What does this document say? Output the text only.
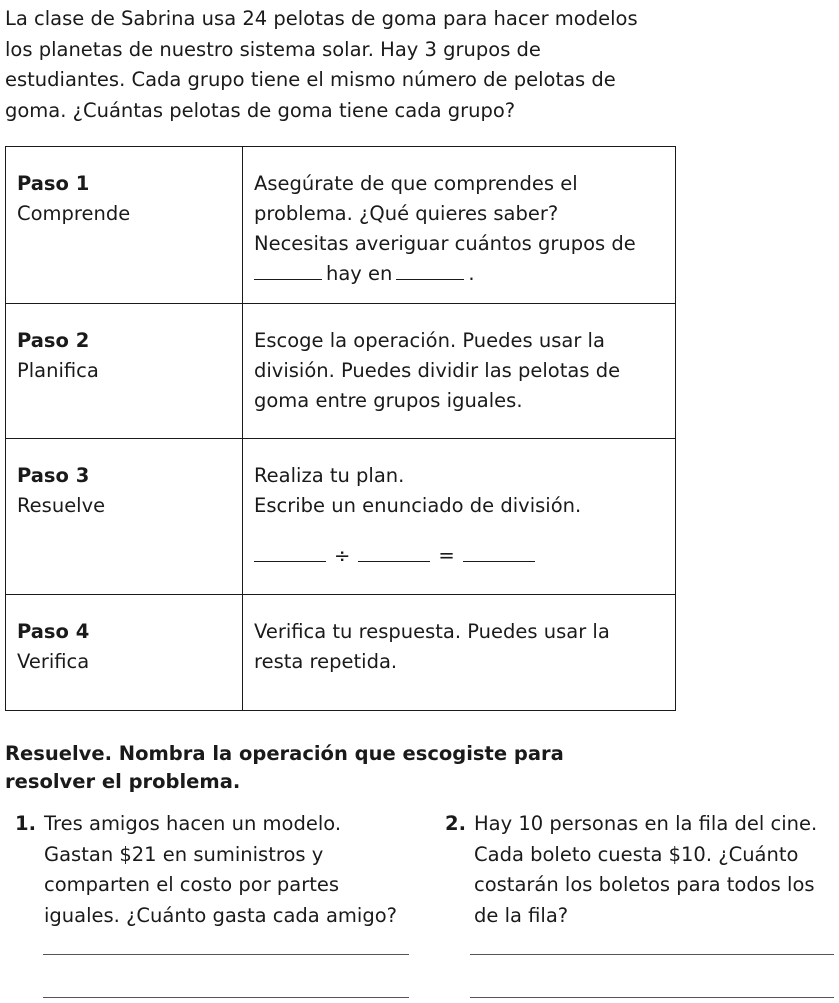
La clase de Sabrina usa 24 pelotas de goma para hacer modelos
los planetas de nuestro sistema solar. Hay 3 grupos de
estudiantes. Cada grupo tiene el mismo número de pelotas de
goma. ¿Cuántas pelotas de goma tiene cada grupo?

Paso 1
Comprende	Asegúrate de que comprendes el
problema. ¿Qué quieres saber?
Necesitas averiguar cuántos grupos de
hay en .

Paso 2
Planifica	Escoge la operación. Puedes usar la
división. Puedes dividir las pelotas de
goma entre grupos iguales.

Paso 3
Resuelve	Realiza tu plan.
Escribe un enunciado de división.
÷ =

Paso 4
Verifica	Verifica tu respuesta. Puedes usar la
resta repetida.

Resuelve. Nombra la operación que escogiste para
resolver el problema.

1. Tres amigos hacen un modelo.
Gastan $21 en suministros y
comparten el costo por partes
iguales. ¿Cuánto gasta cada amigo?
2. Hay 10 personas en la fila del cine.
Cada boleto cuesta $10. ¿Cuánto
costarán los boletos para todos los
de la fila?
